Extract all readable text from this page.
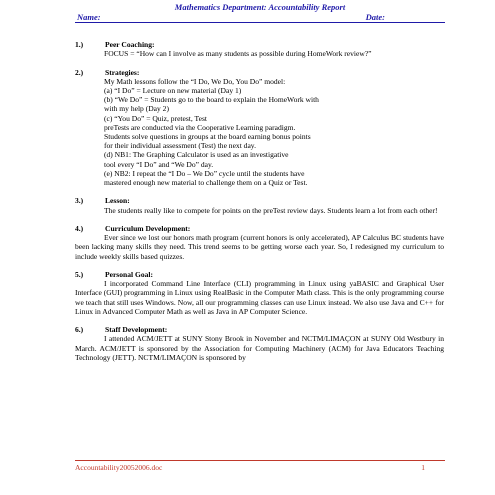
Mathematics Department: Accountability Report
Name:	Date:
1.)	Peer Coaching:

FOCUS = “How can I involve as many students as possible during HomeWork review?”

2.)	Strategies:
My Math lessons follow the “I Do, We Do, You Do” model:
(a) “I Do” = Lecture on new material (Day 1)
(b) “We Do” = Students go to the board to explain the HomeWork with
with my help (Day 2)
(c) “You Do” = Quiz, pretest, Test
preTests are conducted via the Cooperative Learning paradigm.
Students solve questions in groups at the board earning bonus points
for their individual assessment (Test) the next day.
(d) NB1: The Graphing Calculator is used as an investigative
tool every “I Do” and “We Do” day.
(e) NB2: I repeat the “I Do – We Do” cycle until the students have
mastered enough new material to challenge them on a Quiz or Test.
3.)	Lesson:

The students really like to compete for points on the preTest review days. Students learn a lot from each other!

4.)	Curriculum Development:

Ever since we lost our honors math program (current honors is only accelerated), AP Calculus BC students have been lacking many skills they need. This trend seems to be getting worse each year. So, I redesigned my curriculum to include weekly skills based quizzes.

5.)	Personal Goal:

I incorporated Command Line Interface (CLI) programming in Linux using yaBASIC and Graphical User Interface (GUI) programming in Linux using RealBasic in the Computer Math class. This is the only programming course we teach that still uses Windows. Now, all our programming classes can use Linux instead. We also use Java and C++ for Linux in Advanced Computer Math as well as Java in AP Computer Science.

6.)	Staff Development:

I attended ACM/JETT at SUNY Stony Brook in November and NCTM/LIMAÇON at SUNY Old Westbury in March. ACM/JETT is sponsored by the Association for Computing Machinery (ACM) for Java Educators Teaching Technology (JETT). NCTM/LIMAÇON is sponsored by

Accountability20052006.doc	1
